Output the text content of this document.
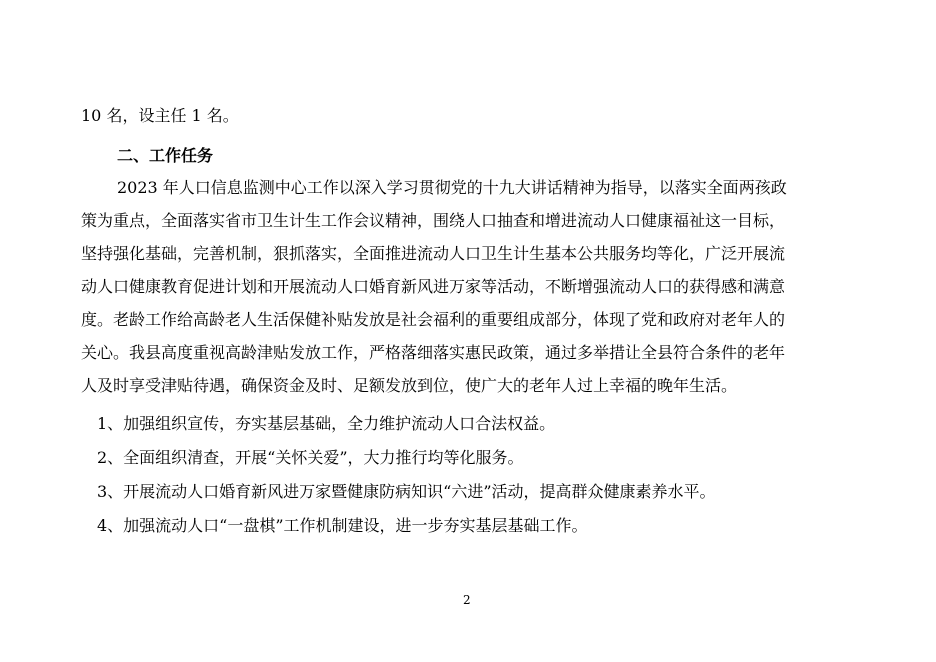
10 名，设主任 1 名。
二、工作任务
2023 年人口信息监测中心工作以深入学习贯彻党的十九大讲话精神为指导，以落实全面两孩政
策为重点，全面落实省市卫生计生工作会议精神，围绕人口抽查和增进流动人口健康福祉这一目标，
坚持强化基础，完善机制，狠抓落实，全面推进流动人口卫生计生基本公共服务均等化，广泛开展流
动人口健康教育促进计划和开展流动人口婚育新风进万家等活动，不断增强流动人口的获得感和满意
度。老龄工作给高龄老人生活保健补贴发放是社会福利的重要组成部分，体现了党和政府对老年人的
关心。我县高度重视高龄津贴发放工作，严格落细落实惠民政策，通过多举措让全县符合条件的老年
人及时享受津贴待遇，确保资金及时、足额发放到位，使广大的老年人过上幸福的晚年生活。
1、加强组织宣传，夯实基层基础，全力维护流动人口合法权益。
2、全面组织清查，开展“关怀关爱”，大力推行均等化服务。
3、开展流动人口婚育新风进万家暨健康防病知识“六进”活动，提高群众健康素养水平。
4、加强流动人口“一盘棋”工作机制建设，进一步夯实基层基础工作。
2
